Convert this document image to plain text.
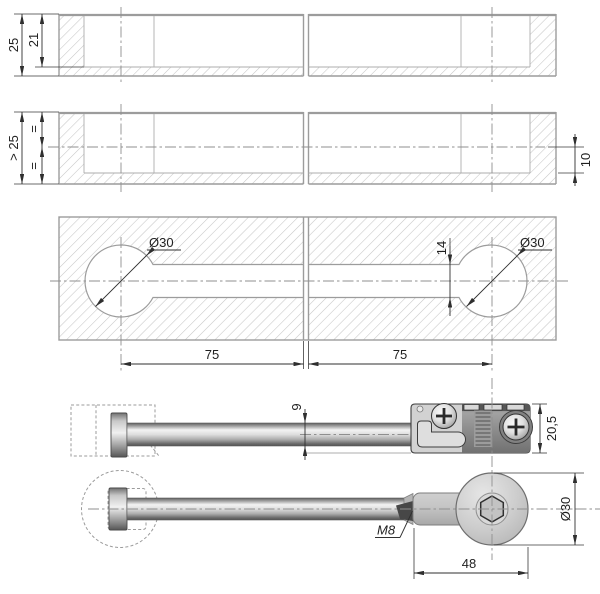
25 21
> 25
=
=	10
Ø30	Ø30
14
75	75
9
20,5
M8
Ø30
48
